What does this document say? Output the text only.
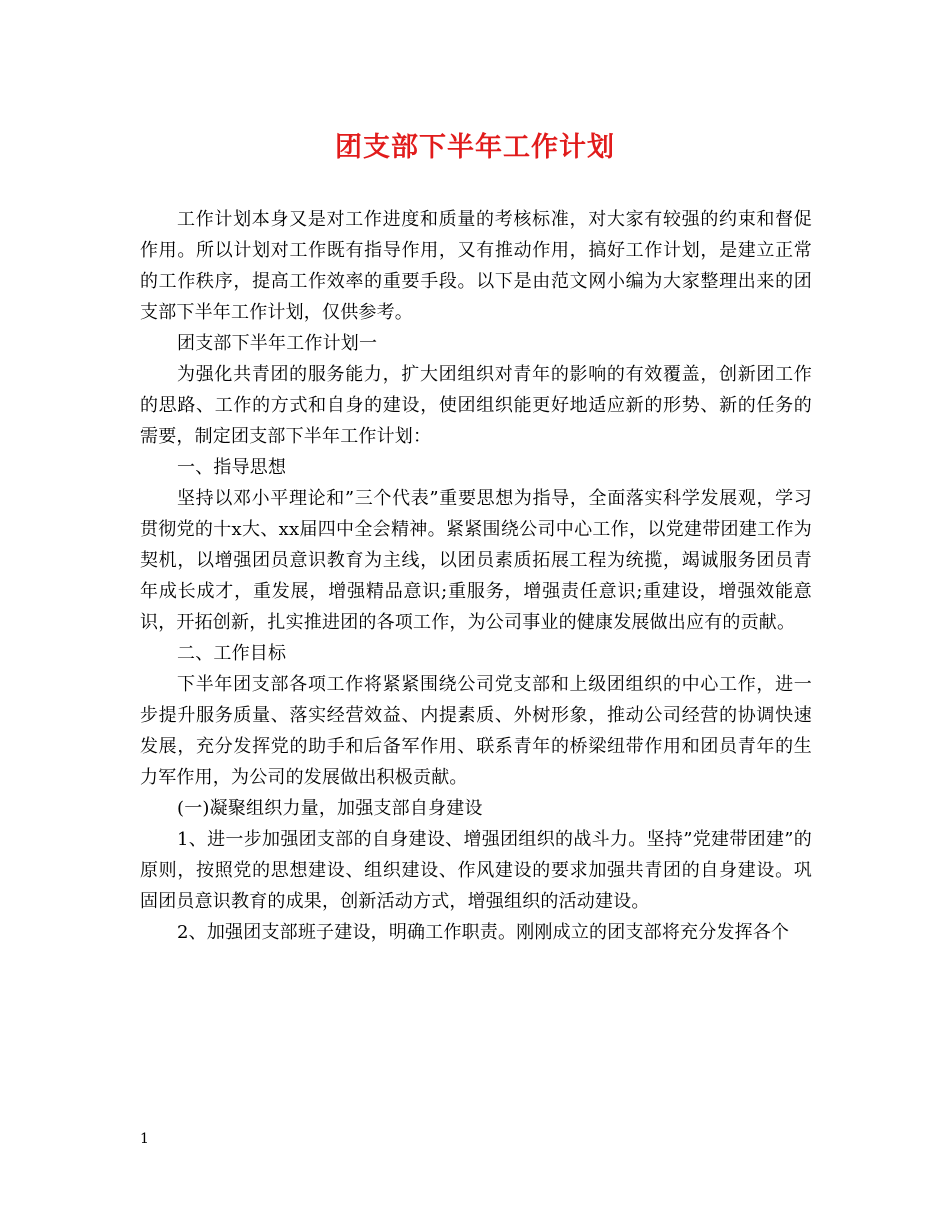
团支部下半年工作计划

工作计划本身又是对工作进度和质量的考核标准，对大家有较强的约束和督促作用。所以计划对工作既有指导作用，又有推动作用，搞好工作计划，是建立正常的工作秩序，提高工作效率的重要手段。以下是由范文网小编为大家整理出来的团支部下半年工作计划，仅供参考。

团支部下半年工作计划一

为强化共青团的服务能力，扩大团组织对青年的影响的有效覆盖，创新团工作的思路、工作的方式和自身的建设，使团组织能更好地适应新的形势、新的任务的需要，制定团支部下半年工作计划：

一、指导思想

坚持以邓小平理论和”三个代表”重要思想为指导，全面落实科学发展观，学习贯彻党的十x大、xx届四中全会精神。紧紧围绕公司中心工作，以党建带团建工作为契机，以增强团员意识教育为主线，以团员素质拓展工程为统揽，竭诚服务团员青年成长成才，重发展，增强精品意识;重服务，增强责任意识;重建设，增强效能意识，开拓创新，扎实推进团的各项工作，为公司事业的健康发展做出应有的贡献。

二、工作目标

下半年团支部各项工作将紧紧围绕公司党支部和上级团组织的中心工作，进一步提升服务质量、落实经营效益、内提素质、外树形象，推动公司经营的协调快速发展，充分发挥党的助手和后备军作用、联系青年的桥梁纽带作用和团员青年的生力军作用，为公司的发展做出积极贡献。

(一)凝聚组织力量，加强支部自身建设

1、进一步加强团支部的自身建设、增强团组织的战斗力。坚持”党建带团建”的原则，按照党的思想建设、组织建设、作风建设的要求加强共青团的自身建设。巩固团员意识教育的成果，创新活动方式，增强组织的活动建设。

2、加强团支部班子建设，明确工作职责。刚刚成立的团支部将充分发挥各个

1
